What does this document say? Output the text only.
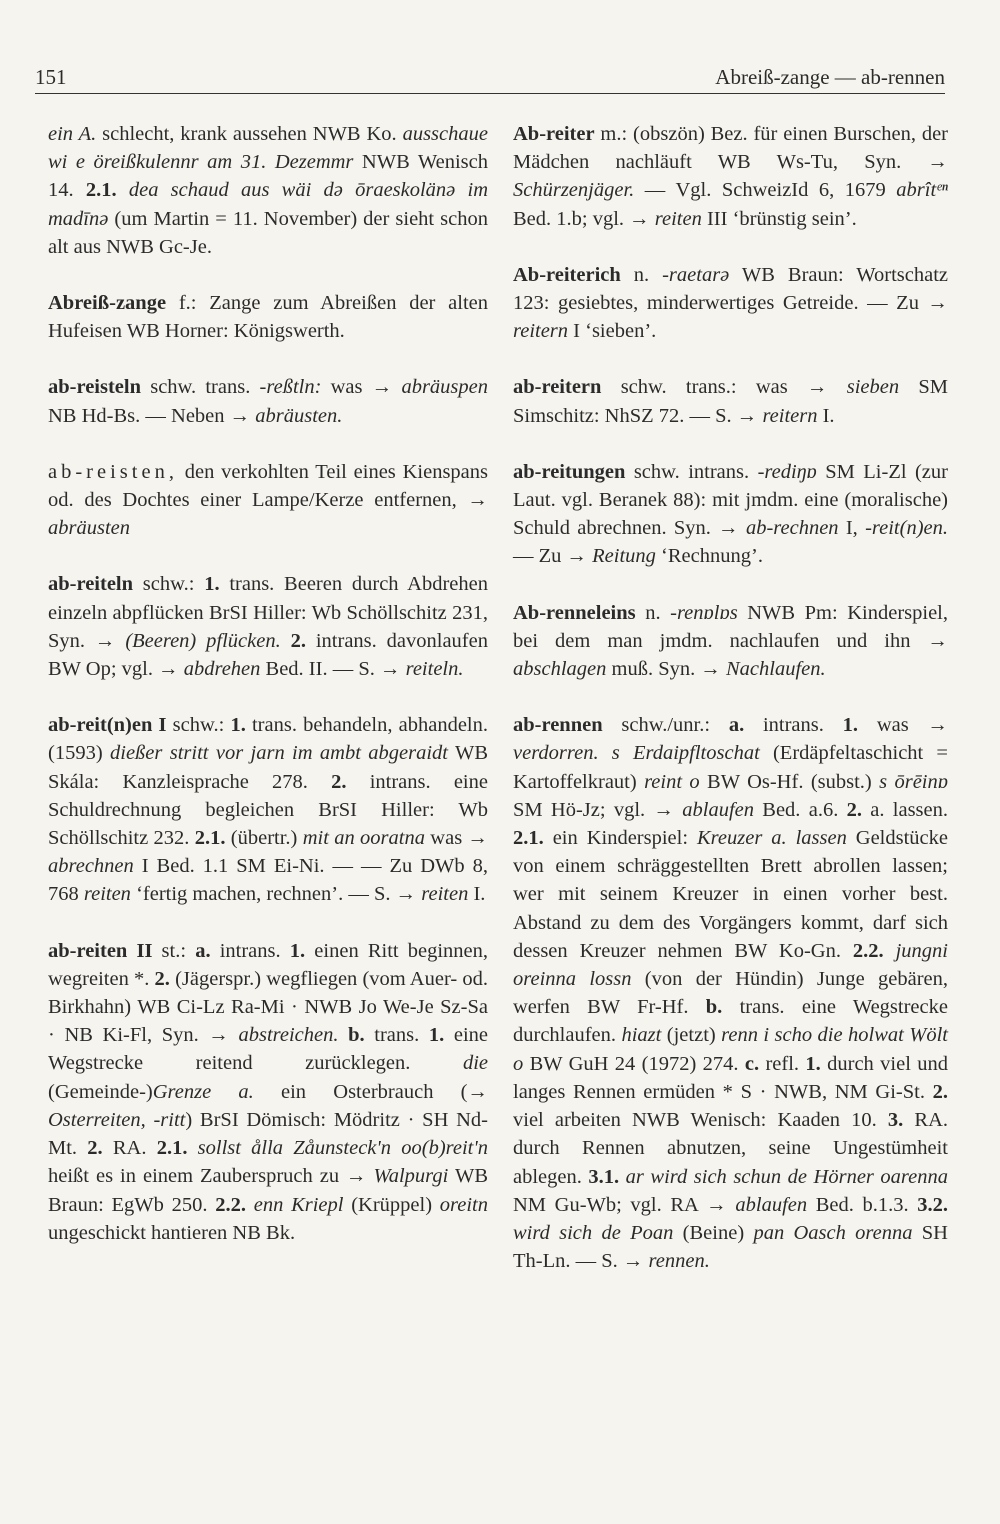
151	Abreiß-zange — ab-rennen

ein A. schlecht, krank aussehen NWB Ko. ausschaue wi e öreißkulennr am 31. Dezemmr NWB Wenisch 14. 2.1. dea schaud aus wäi də ōraeskolänə im madīnə (um Martin = 11. November) der sieht schon alt aus NWB Gc-Je.

Abreiß-zange f.: Zange zum Abreißen der alten Hufeisen WB Horner: Königswerth.

ab-reisteln schw. trans. -reßtln: was → abräuspen NB Hd-Bs. — Neben → abräusten.

ab-reisten, den verkohlten Teil eines Kienspans od. des Dochtes einer Lampe/Kerze entfernen, → abräusten

ab-reiteln schw.: 1. trans. Beeren durch Abdrehen einzeln abpflücken BrSI Hiller: Wb Schöllschitz 231, Syn. → (Beeren) pflücken. 2. intrans. davonlaufen BW Op; vgl. → abdrehen Bed. II. — S. → reiteln.

ab-reit(n)en I schw.: 1. trans. behandeln, abhandeln. (1593) dießer stritt vor jarn im ambt abgeraidt WB Skála: Kanzleisprache 278. 2. intrans. eine Schuldrechnung begleichen BrSI Hiller: Wb Schöllschitz 232. 2.1. (übertr.) mit an ooratna was → abrechnen I Bed. 1.1 SM Ei-Ni. — — Zu DWb 8, 768 reiten ‘fertig machen, rechnen’. — S. → reiten I.

ab-reiten II st.: a. intrans. 1. einen Ritt beginnen, wegreiten *. 2. (Jägerspr.) wegfliegen (vom Auer- od. Birkhahn) WB Ci-Lz Ra-Mi · NWB Jo We-Je Sz-Sa · NB Ki-Fl, Syn. → abstreichen. b. trans. 1. eine Wegstrecke reitend zurücklegen. die (Gemeinde-)Grenze a. ein Osterbrauch (→ Osterreiten, -ritt) BrSI Dömisch: Mödritz · SH Nd-Mt. 2. RA. 2.1. sollst ålla Zåunsteck'n oo(b)reit'n heißt es in einem Zauberspruch zu → Walpurgi WB Braun: EgWb 250. 2.2. enn Kriepl (Krüppel) oreitn ungeschickt hantieren NB Bk.

Ab-reiter m.: (obszön) Bez. für einen Burschen, der Mädchen nachläuft WB Ws-Tu, Syn. → Schürzenjäger. — Vgl. SchweizId 6, 1679 abrîtᵉⁿ Bed. 1.b; vgl. → reiten III ‘brünstig sein’.

Ab-reiterich n. -raetarə WB Braun: Wortschatz 123: gesiebtes, minderwertiges Getreide. — Zu → reitern I ‘sieben’.

ab-reitern schw. trans.: was → sieben SM Simschitz: NhSZ 72. — S. → reitern I.

ab-reitungen schw. intrans. -rediŋɒ SM Li-Zl (zur Laut. vgl. Beranek 88): mit jmdm. eine (moralische) Schuld abrechnen. Syn. → ab-rechnen I, -reit(n)en. — Zu → Reitung ‘Rechnung’.

Ab-renneleins n. -renɒlɒs NWB Pm: Kinderspiel, bei dem man jmdm. nachlaufen und ihn → abschlagen muß. Syn. → Nachlaufen.

ab-rennen schw./unr.: a. intrans. 1. was → verdorren. s Erdaipfltoschat (Erdäpfeltaschicht = Kartoffelkraut) reint o BW Os-Hf. (subst.) s ōrēinɒ SM Hö-Jz; vgl. → ablaufen Bed. a.6. 2. a. lassen. 2.1. ein Kinderspiel: Kreuzer a. lassen Geldstücke von einem schräggestellten Brett abrollen lassen; wer mit seinem Kreuzer in einen vorher best. Abstand zu dem des Vorgängers kommt, darf sich dessen Kreuzer nehmen BW Ko-Gn. 2.2. jungni oreinna lossn (von der Hündin) Junge gebären, werfen BW Fr-Hf. b. trans. eine Wegstrecke durchlaufen. hiazt (jetzt) renn i scho die holwat Wölt o BW GuH 24 (1972) 274. c. refl. 1. durch viel und langes Rennen ermüden * S · NWB, NM Gi-St. 2. viel arbeiten NWB Wenisch: Kaaden 10. 3. RA. durch Rennen abnutzen, seine Ungestümheit ablegen. 3.1. ar wird sich schun de Hörner oarenna NM Gu-Wb; vgl. RA → ablaufen Bed. b.1.3. 3.2. wird sich de Poan (Beine) pan Oasch orenna SH Th-Ln. — S. → rennen.
